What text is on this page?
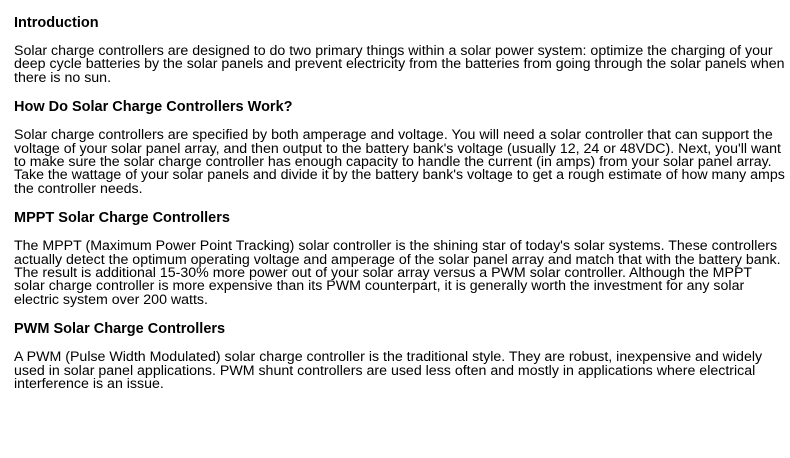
Introduction

Solar charge controllers are designed to do two primary things within a solar power system: optimize the charging of your deep cycle batteries by the solar panels and prevent electricity from the batteries from going through the solar panels when there is no sun.

How Do Solar Charge Controllers Work?

Solar charge controllers are specified by both amperage and voltage. You will need a solar controller that can support the voltage of your solar panel array, and then output to the battery bank's voltage (usually 12, 24 or 48VDC). Next, you'll want to make sure the solar charge controller has enough capacity to handle the current (in amps) from your solar panel array. Take the wattage of your solar panels and divide it by the battery bank's voltage to get a rough estimate of how many amps the controller needs.

MPPT Solar Charge Controllers

The MPPT (Maximum Power Point Tracking) solar controller is the shining star of today's solar systems. These controllers actually detect the optimum operating voltage and amperage of the solar panel array and match that with the battery bank. The result is additional 15-30% more power out of your solar array versus a PWM solar controller. Although the MPPT solar charge controller is more expensive than its PWM counterpart, it is generally worth the investment for any solar electric system over 200 watts.

PWM Solar Charge Controllers

A PWM (Pulse Width Modulated) solar charge controller is the traditional style. They are robust, inexpensive and widely used in solar panel applications. PWM shunt controllers are used less often and mostly in applications where electrical interference is an issue.
